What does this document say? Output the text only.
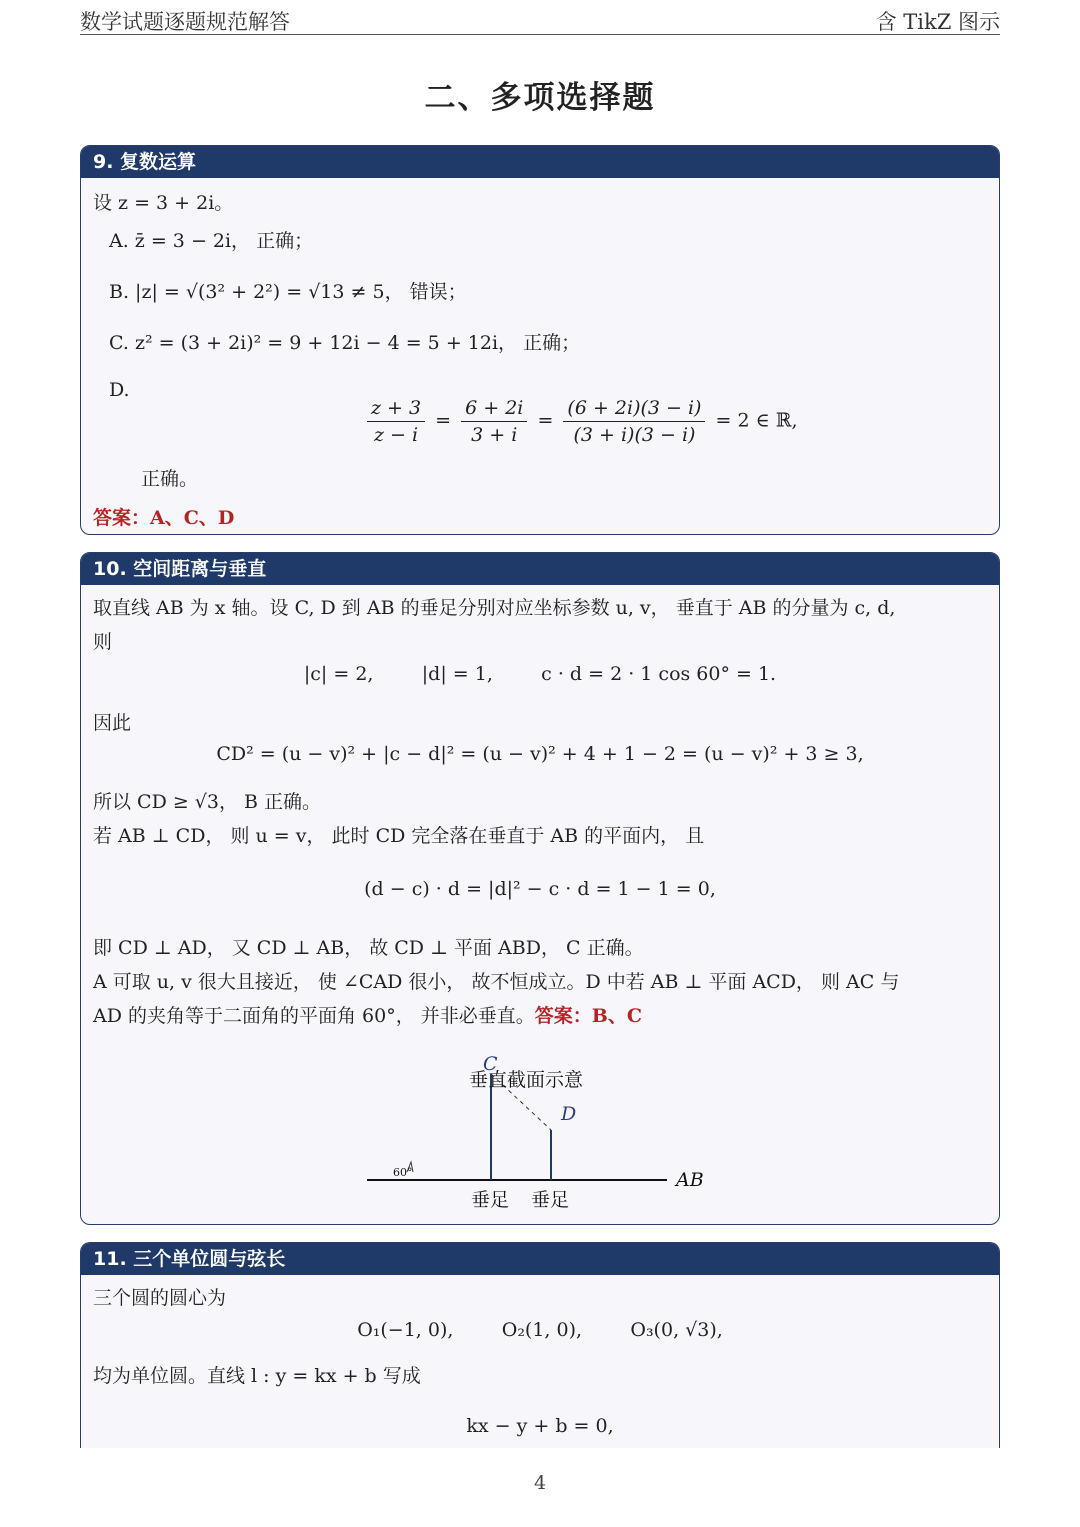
数学试题逐题规范解答	含 TikZ 图示
二、多项选择题
9. 复数运算
设 z = 3 + 2i。
A. z̄ = 3 − 2i， 正确；
B. |z| = √(3² + 2²) = √13 ≠ 5， 错误；
C. z² = (3 + 2i)² = 9 + 12i − 4 = 5 + 12i， 正确；
D.
$\frac{z + 3}{z - i} = \frac{6 + 2i}{3 + i} = \frac{(6 + 2i)(3 - i)}{(3 + i)(3 - i)} = 2$ ∈ ℝ,
正确。
答案：A、C、D
10. 空间距离与垂直
取直线 AB 为 x 轴。设 C, D 到 AB 的垂足分别对应坐标参数 u, v， 垂直于 AB 的分量为 c, d,
则
|c| = 2,        |d| = 1,        c · d = 2 · 1 cos 60° = 1.
因此
CD² = (u − v)² + |c − d|² = (u − v)² + 4 + 1 − 2 = (u − v)² + 3 ≥ 3,
所以 CD ≥ √3， B 正确。
若 AB ⊥ CD， 则 u = v， 此时 CD 完全落在垂直于 AB 的平面内， 且
(d − c) · d = |d|² − c · d = 1 − 1 = 0,
即 CD ⊥ AD， 又 CD ⊥ AB， 故 CD ⊥ 平面 ABD， C 正确。
A 可取 u, v 很大且接近， 使 ∠CAD 很小， 故不恒成立。D 中若 AB ⊥ 平面 ACD， 则 AC 与
AD 的夹角等于二面角的平面角 60°， 并非必垂直。答案：B、C
C
垂直截面示意
D
60°	AB
垂足 垂足
11. 三个单位圆与弦长
三个圆的圆心为
O₁(−1, 0),        O₂(1, 0),        O₃(0, √3),
均为单位圆。直线 l : y = kx + b 写成
kx − y + b = 0,
4
